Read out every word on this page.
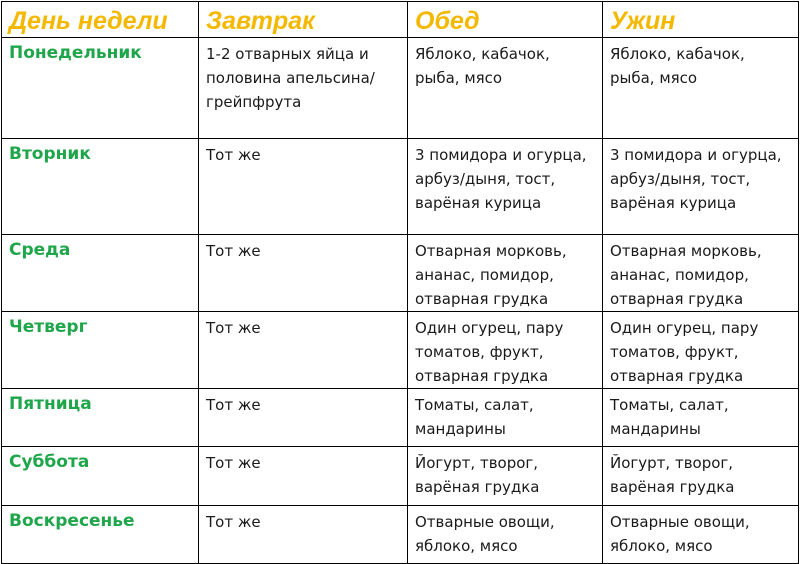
День недели	Завтрак	Обед	Ужин
Понедельник	1-2 отварных яйца и половина апельсина/грейпфрута	Яблоко, кабачок, рыба, мясо	Яблоко, кабачок, рыба, мясо
Вторник	Тот же	3 помидора и огурца, арбуз/дыня, тост, варёная курица	3 помидора и огурца, арбуз/дыня, тост, варёная курица
Среда	Тот же	Отварная морковь, ананас, помидор, отварная грудка	Отварная морковь, ананас, помидор, отварная грудка
Четверг	Тот же	Один огурец, пару томатов, фрукт, отварная грудка	Один огурец, пару томатов, фрукт, отварная грудка
Пятница	Тот же	Томаты, салат, мандарины	Томаты, салат, мандарины
Суббота	Тот же	Йогурт, творог, варёная грудка	Йогурт, творог, варёная грудка
Воскресенье	Тот же	Отварные овощи, яблоко, мясо	Отварные овощи, яблоко, мясо
